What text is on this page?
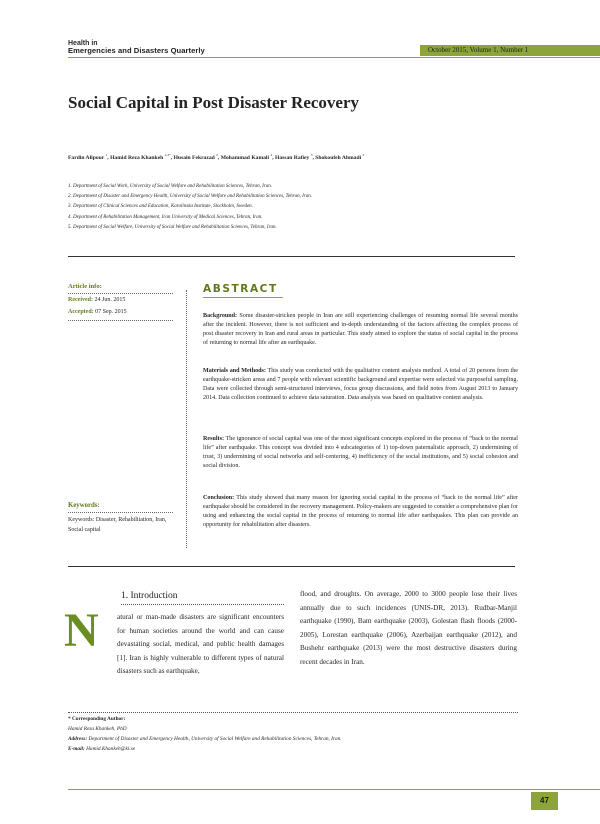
Health in
Emergencies and Disasters Quarterly	October 2015, Volume 1, Number 1
Social Capital in Post Disaster Recovery
Fardin Alipour $^1$, Hamid Reza Khankeh $^{2,3*}$, Husain Fekrazad $^2$, Mohammad Kamali $^4$, Hassan Rafiey $^5$, Shokoufeh Ahmadi $^2$
1. Department of Social Work, University of Social Welfare and Rehabilitation Sciences, Tehran, Iran.
2. Department of Disaster and Emergency Health, University of Social Welfare and Rehabilitation Sciences, Tehran, Iran.
3. Department of Clinical Sciences and Education, Karolinska Institute, Stockholm, Sweden.
4. Department of Rehabilitation Management, Iran University of Medical Sciences, Tehran, Iran.
5. Department of Social Welfare, University of Social Welfare and Rehabilitation Sciences, Tehran, Iran.
Article info:
Received: 24 Jun. 2015
Accepted: 07 Sep. 2015
Keywords:
Keywords: Disaster, Rehabilitation, Iran, Social capital
ABSTRACT
Background: Some disaster-stricken people in Iran are still experiencing challenges of resuming normal life several months after the incident. However, there is not sufficient and in-depth understanding of the factors affecting the complex process of post disaster recovery in Iran and rural areas in particular. This study aimed to explore the status of social capital in the process of returning to normal life after an earthquake.
Materials and Methods: This study was conducted with the qualitative content analysis method. A total of 20 persons from the earthquake-stricken areas and 7 people with relevant scientific background and expertise were selected via purposeful sampling. Data were collected through semi-structured interviews, focus group discussions, and field notes from August 2013 to January 2014. Data collection continued to achieve data saturation. Data analysis was based on qualitative content analysis.
Results: The ignorance of social capital was one of the most significant concepts explored in the process of “back to the normal life” after earthquake. This concept was divided into 4 subcategories of 1) top-down paternalistic approach, 2) undermining of trust, 3) undermining of social networks and self-centering, 4) inefficiency of the social institutions, and 5) social cohesion and social division.
Conclusion: This study showed that many reason for ignoring social capital in the process of “back to the normal life” after earthquake should be considered in the recovery management. Policy-makers are suggested to consider a comprehensive plan for using and enhancing the social capital in the process of returning to normal life after earthquakes. This plan can provide an opportunity for rehabilitation after disasters.
1. Introduction
N	atural or man-made disasters are significant encounters for human societies around the world and can cause devastating social, medical, and public health damages [1]. Iran is highly vulnerable to different types of natural disasters such as earthquake,
flood, and droughts. On average, 2000 to 3000 people lose their lives annually due to such incidences (UNIS-DR, 2013). Rudbar-Manjil earthquake (1990), Bam earthquake (2003), Golestan flash floods (2000-2005), Lorestan earthquake (2006), Azerbaijan earthquake (2012), and Bushehr earthquake (2013) were the most destructive disasters during recent decades in Iran.
* Corresponding Author:
Hamid Reza Khankeh, PhD
Address: Department of Disaster and Emergency Health, University of Social Welfare and Rehabilitation Sciences, Tehran, Iran.
E-mail: Hamid.Khankeh@ki.se
47
